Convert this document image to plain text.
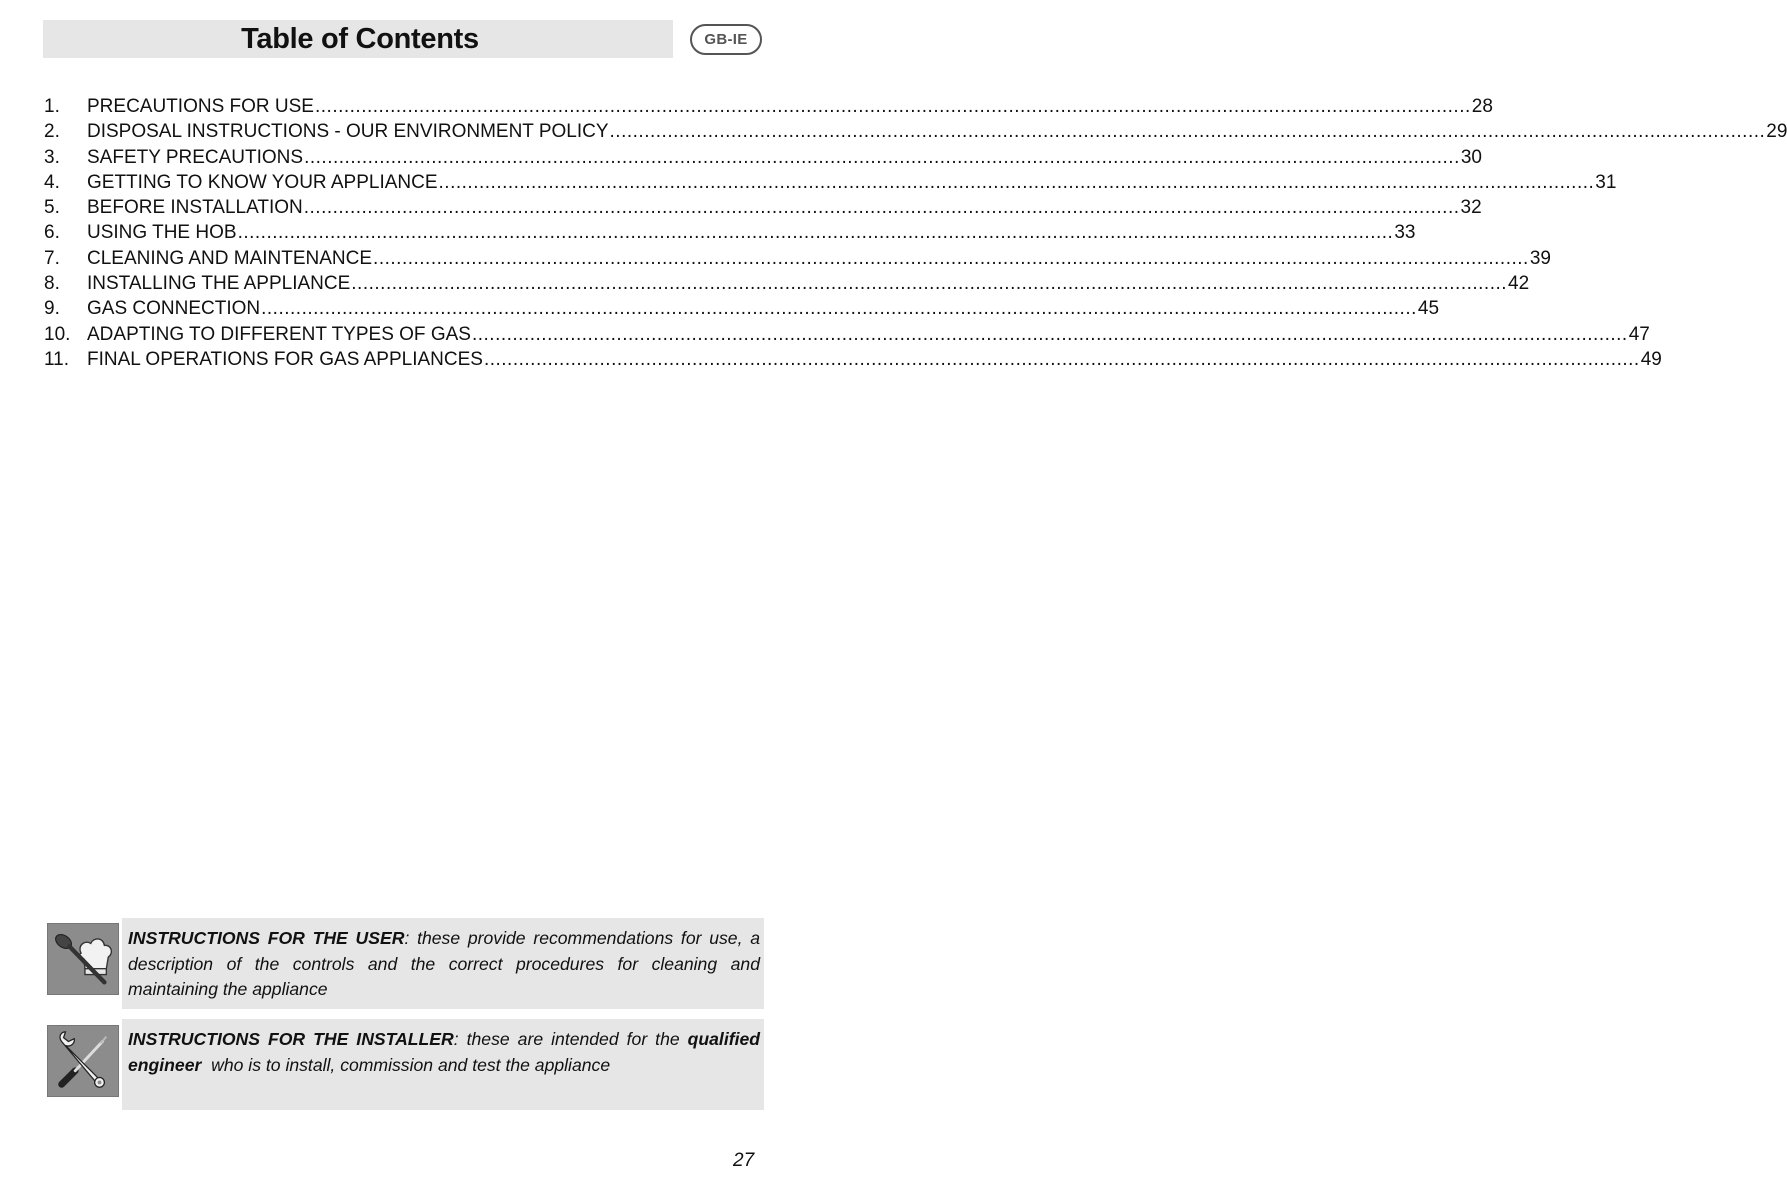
Table of Contents	GB-IE
1.	PRECAUTIONS FOR USE ........................................................................................................................................................................................................ 28
2.	DISPOSAL INSTRUCTIONS - OUR ENVIRONMENT POLICY ........................................................................................................................................................................................................ 29
3.	SAFETY PRECAUTIONS ........................................................................................................................................................................................................ 30
4.	GETTING TO KNOW YOUR APPLIANCE ........................................................................................................................................................................................................ 31
5.	BEFORE INSTALLATION ........................................................................................................................................................................................................ 32
6.	USING THE HOB ........................................................................................................................................................................................................ 33
7.	CLEANING AND MAINTENANCE ........................................................................................................................................................................................................ 39
8.	INSTALLING THE APPLIANCE ........................................................................................................................................................................................................ 42
9.	GAS CONNECTION ........................................................................................................................................................................................................ 45
10. ADAPTING TO DIFFERENT TYPES OF GAS ........................................................................................................................................................................................................ 47
11. FINAL OPERATIONS FOR GAS APPLIANCES ........................................................................................................................................................................................................ 49
INSTRUCTIONS FOR THE USER: these provide recommendations for use, a description of the controls and the correct procedures for cleaning and maintaining the appliance
INSTRUCTIONS FOR THE INSTALLER: these are intended for the qualified engineer  who is to install, commission and test the appliance
27
